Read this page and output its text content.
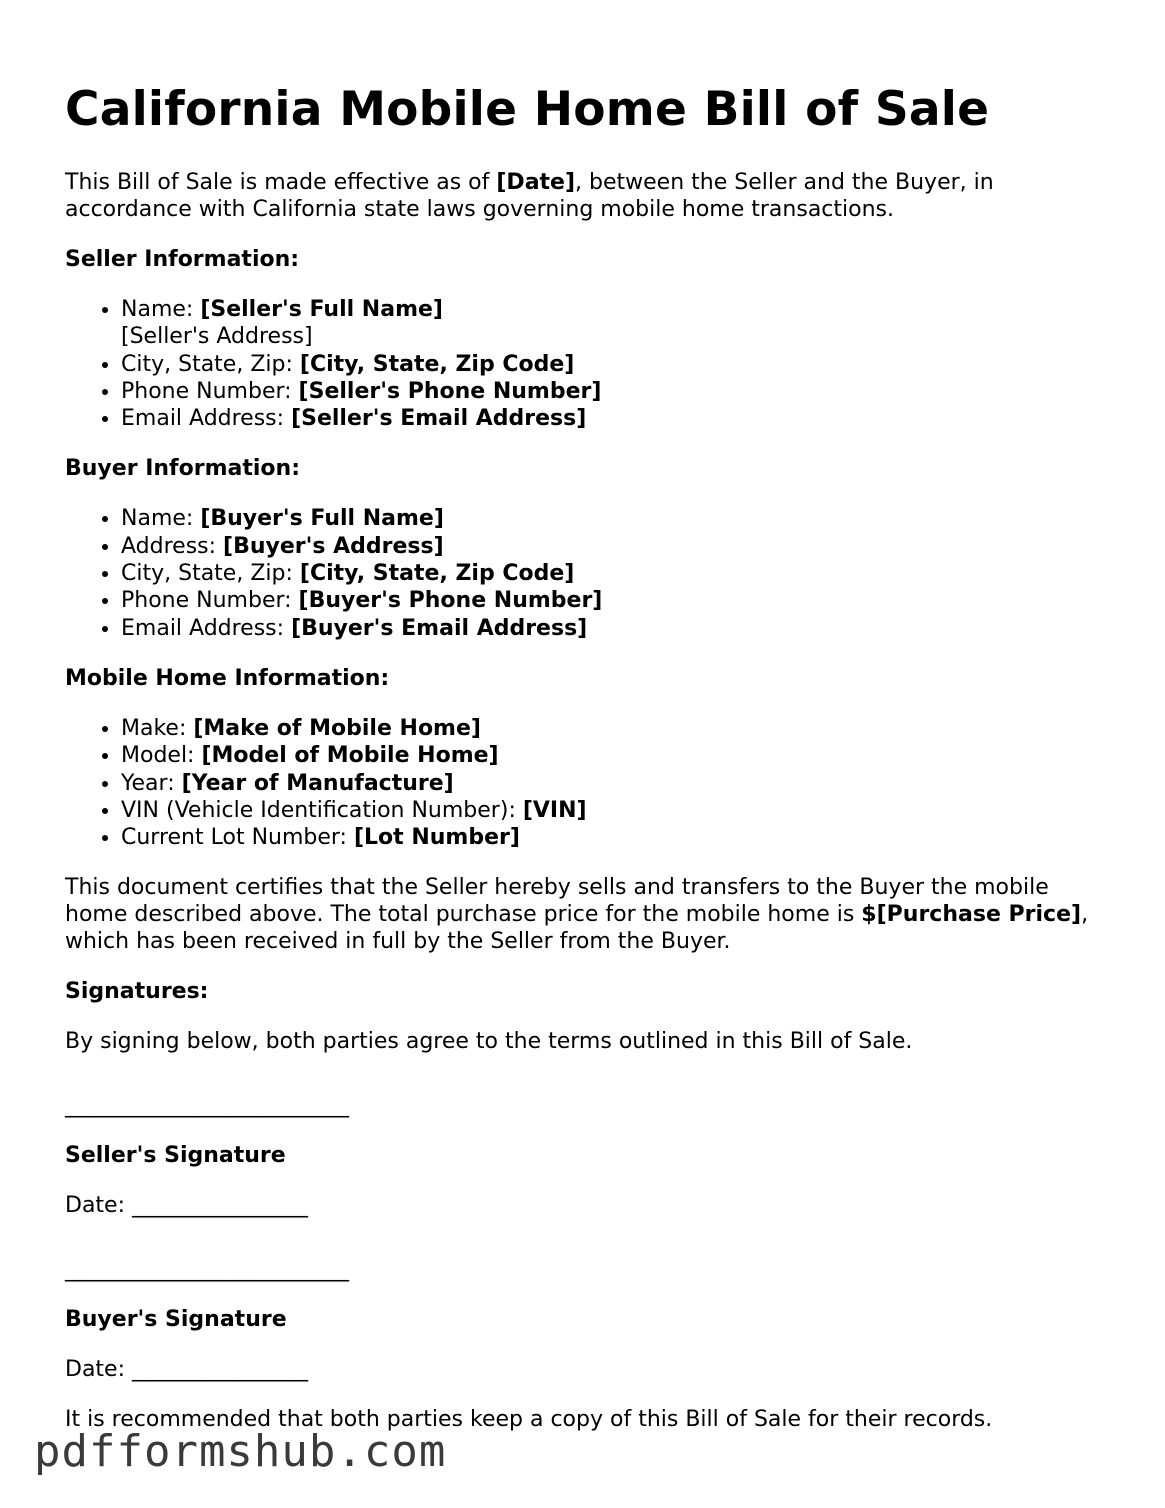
California Mobile Home Bill of Sale

This Bill of Sale is made effective as of [Date], between the Seller and the Buyer, in accordance with California state laws governing mobile home transactions.

Seller Information:
• Name: [Seller's Full Name]
[Seller's Address]
• City, State, Zip: [City, State, Zip Code]
• Phone Number: [Seller's Phone Number]
• Email Address: [Seller's Email Address]
Buyer Information:
• Name: [Buyer's Full Name]
• Address: [Buyer's Address]
• City, State, Zip: [City, State, Zip Code]
• Phone Number: [Buyer's Phone Number]
• Email Address: [Buyer's Email Address]
Mobile Home Information:
• Make: [Make of Mobile Home]
• Model: [Model of Mobile Home]
• Year: [Year of Manufacture]
• VIN (Vehicle Identification Number): [VIN]
• Current Lot Number: [Lot Number]

This document certifies that the Seller hereby sells and transfers to the Buyer the mobile home described above. The total purchase price for the mobile home is $[Purchase Price], which has been received in full by the Seller from the Buyer.

Signatures:

By signing below, both parties agree to the terms outlined in this Bill of Sale.

___________________________
Seller's Signature
Date: ________________
___________________________
Buyer's Signature
Date: ________________

It is recommended that both parties keep a copy of this Bill of Sale for their records.

pdfformshub.com
